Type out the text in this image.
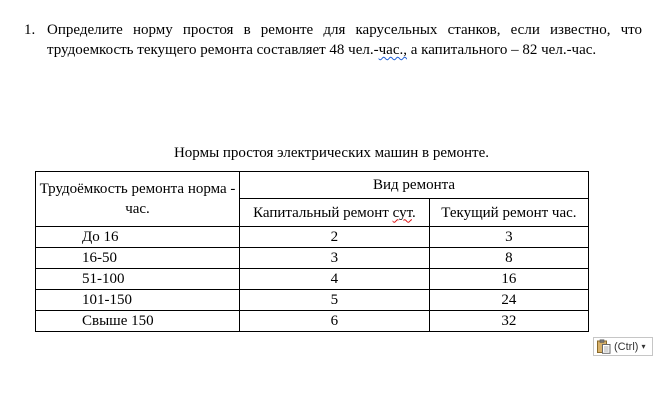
1. Определите норму простоя в ремонте для карусельных станков, если известно, что трудоемкость текущего ремонта составляет 48 чел.-час., а капитального – 82 чел.-час.
Нормы простоя электрических машин в ремонте.
Трудоёмкость ремонта норма - час.	Вид ремонта	
	Капитальный ремонт сут.	Текущий ремонт час.
До 16	2	3
16-50	3	8
51-100	4	16
101-150	5	24
Свыше 150	6	32
(Ctrl) ▾
